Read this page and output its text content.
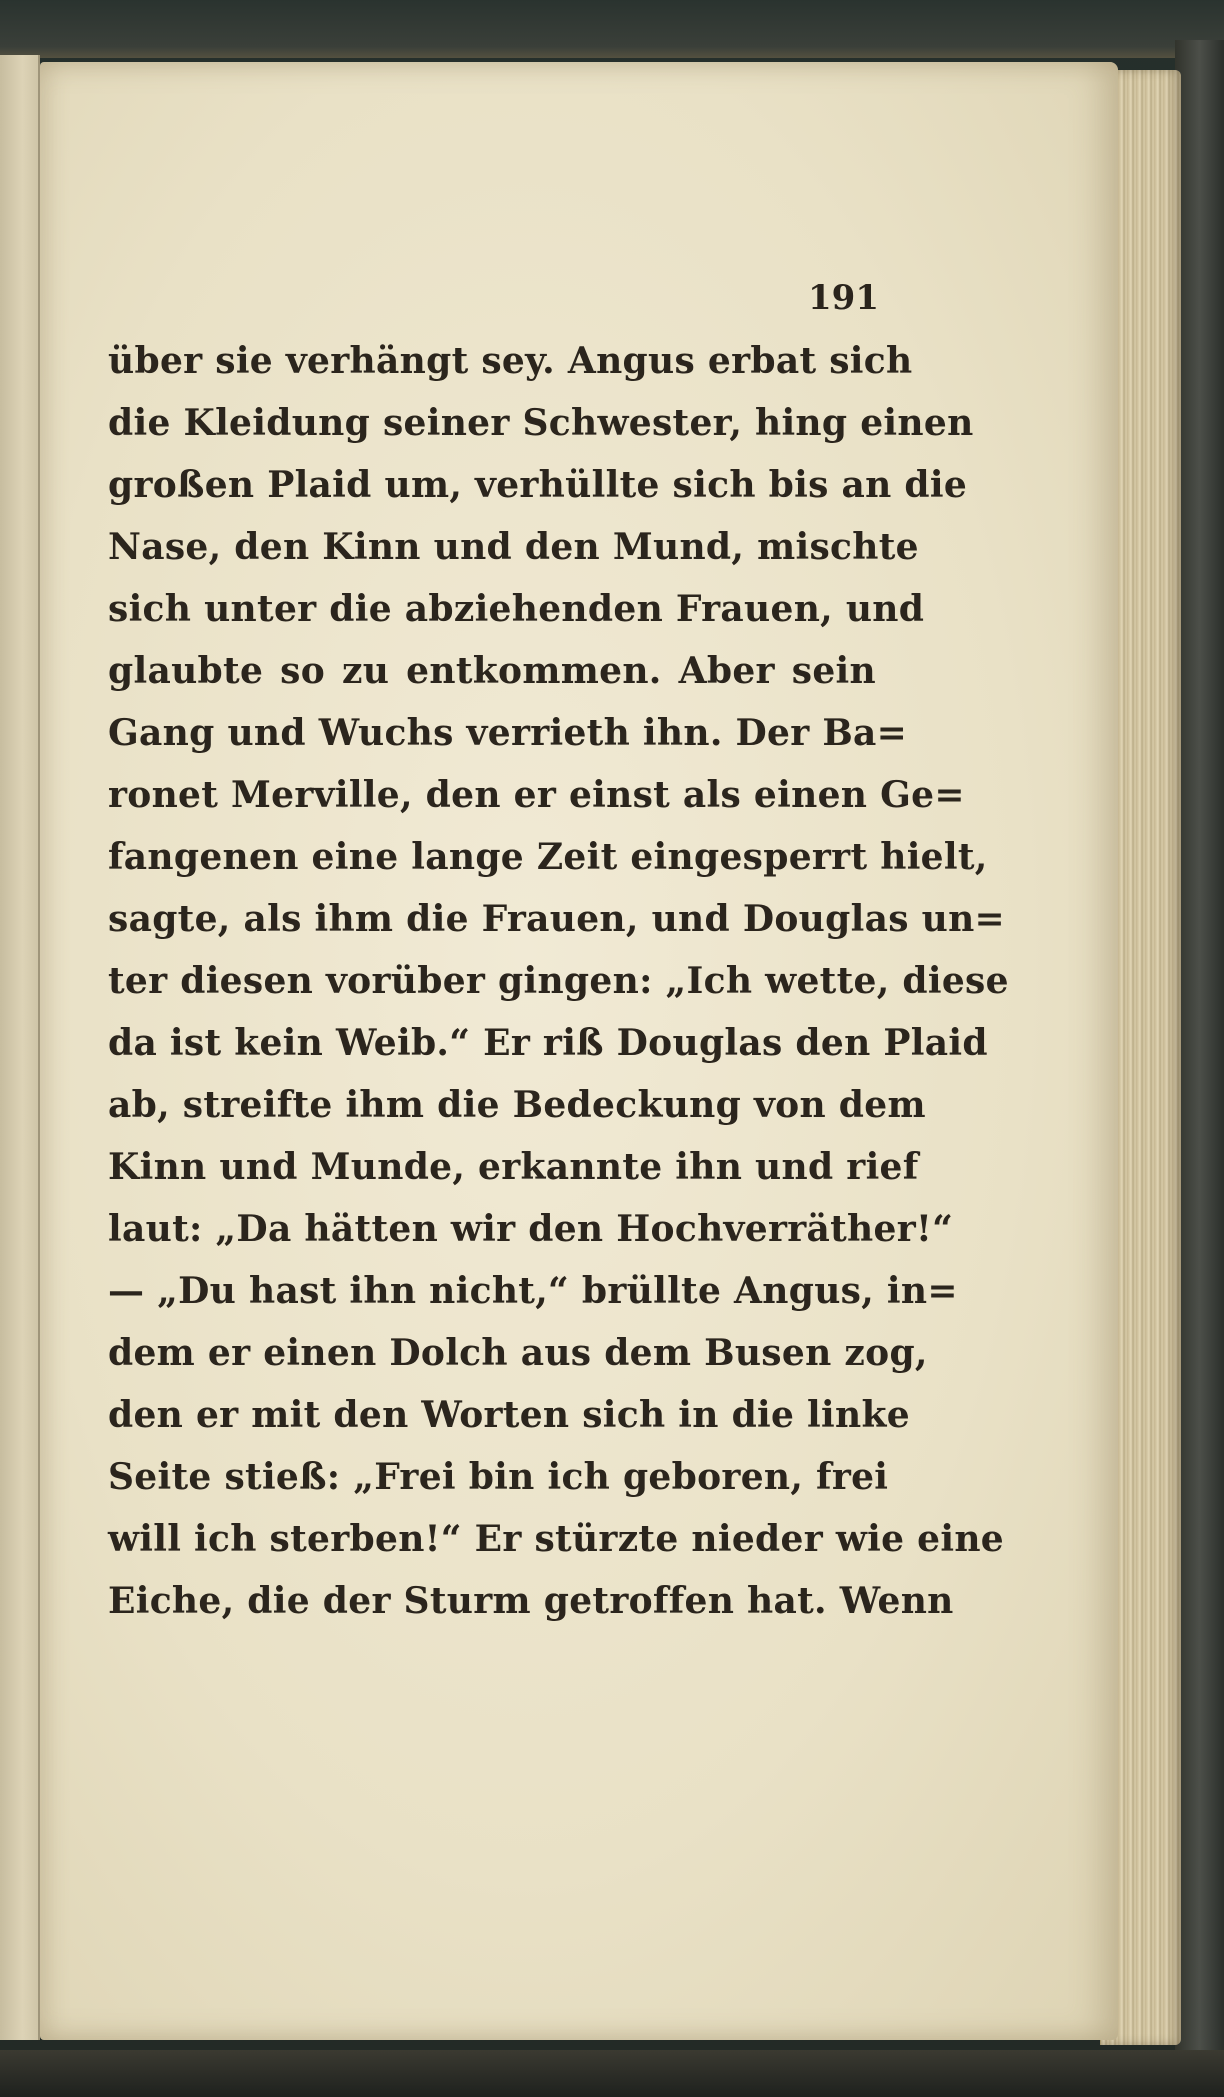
191
über sie verhängt sey. Angus erbat sich
die Kleidung seiner Schwester, hing einen
großen Plaid um, verhüllte sich bis an die
Nase, den Kinn und den Mund, mischte
sich unter die abziehenden Frauen, und
glaubte so zu entkommen. Aber sein
Gang und Wuchs verrieth ihn. Der Ba=
ronet Merville, den er einst als einen Ge=
fangenen eine lange Zeit eingesperrt hielt,
sagte, als ihm die Frauen, und Douglas un=
ter diesen vorüber gingen: „Ich wette, diese
da ist kein Weib.“ Er riß Douglas den Plaid
ab, streifte ihm die Bedeckung von dem
Kinn und Munde, erkannte ihn und rief
laut: „Da hätten wir den Hochverräther!“
— „Du hast ihn nicht,“ brüllte Angus, in=
dem er einen Dolch aus dem Busen zog,
den er mit den Worten sich in die linke
Seite stieß: „Frei bin ich geboren, frei
will ich sterben!“ Er stürzte nieder wie eine
Eiche, die der Sturm getroffen hat. Wenn
